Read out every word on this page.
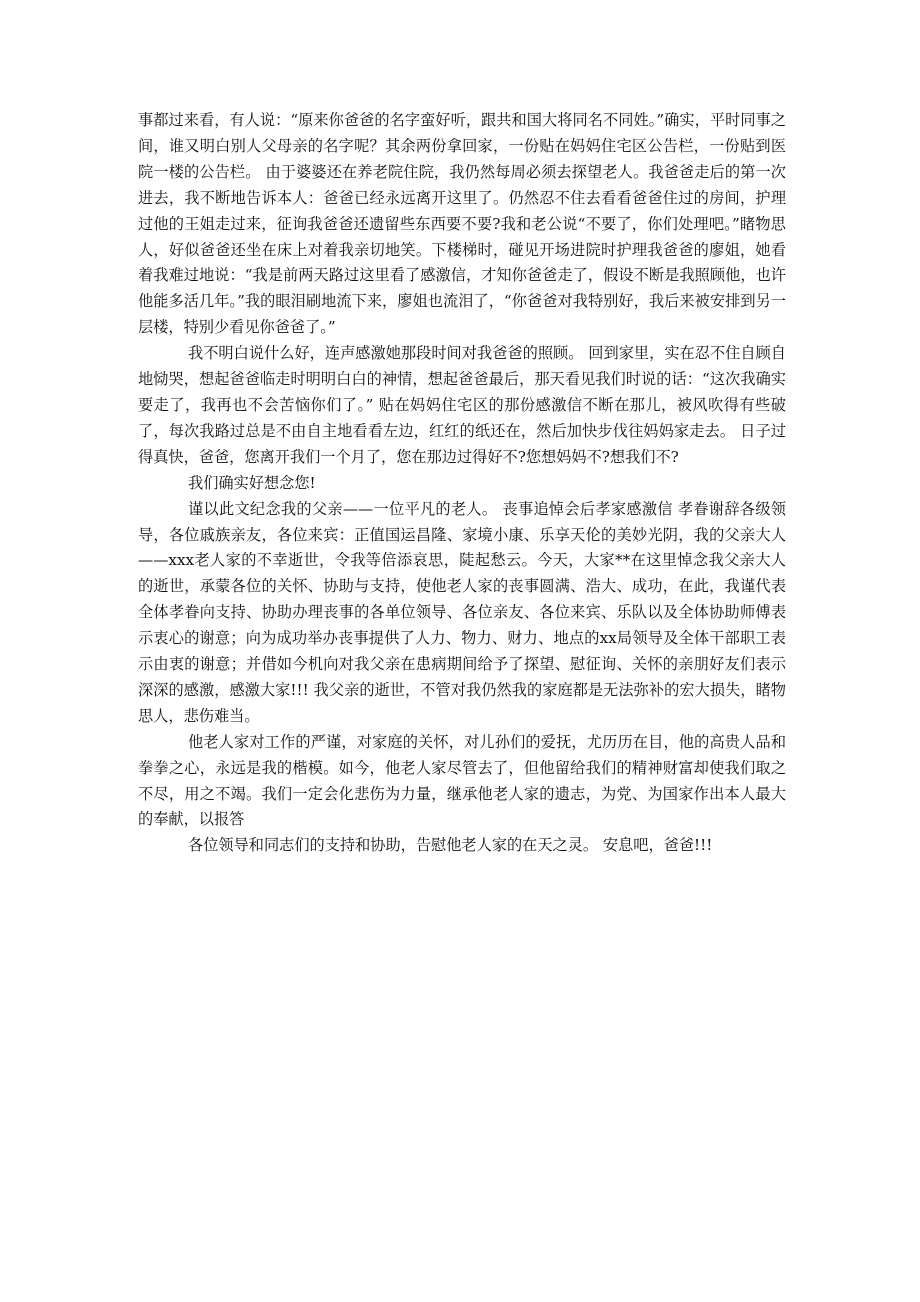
事都过来看，有人说：“原来你爸爸的名字蛮好听，跟共和国大将同名不同姓。”确实，平时同事之间，谁又明白别人父母亲的名字呢？其余两份拿回家，一份贴在妈妈住宅区公告栏，一份贴到医院一楼的公告栏。 由于婆婆还在养老院住院，我仍然每周必须去探望老人。我爸爸走后的第一次进去，我不断地告诉本人：爸爸已经永远离开这里了。仍然忍不住去看看爸爸住过的房间，护理过他的王姐走过来，征询我爸爸还遗留些东西要不要?我和老公说“不要了，你们处理吧。”睹物思人，好似爸爸还坐在床上对着我亲切地笑。下楼梯时，碰见开场进院时护理我爸爸的廖姐，她看着我难过地说：“我是前两天路过这里看了感激信，才知你爸爸走了，假设不断是我照顾他，也许他能多活几年。”我的眼泪刷地流下来，廖姐也流泪了，“你爸爸对我特别好，我后来被安排到另一层楼，特别少看见你爸爸了。”

我不明白说什么好，连声感激她那段时间对我爸爸的照顾。 回到家里，实在忍不住自顾自地恸哭，想起爸爸临走时明明白白的神情，想起爸爸最后，那天看见我们时说的话：“这次我确实要走了，我再也不会苦恼你们了。” 贴在妈妈住宅区的那份感激信不断在那儿，被风吹得有些破了，每次我路过总是不由自主地看看左边，红红的纸还在，然后加快步伐往妈妈家走去。 日子过得真快，爸爸，您离开我们一个月了，您在那边过得好不?您想妈妈不?想我们不?

我们确实好想念您!

谨以此文纪念我的父亲——一位平凡的老人。 丧事追悼会后孝家感激信 孝眷谢辞各级领导，各位戚族亲友，各位来宾：正值国运昌隆、家境小康、乐享天伦的美妙光阴，我的父亲大人——xxx老人家的不幸逝世，令我等倍添哀思，陡起愁云。今天，大家**在这里悼念我父亲大人的逝世，承蒙各位的关怀、协助与支持，使他老人家的丧事圆满、浩大、成功，在此，我谨代表全体孝眷向支持、协助办理丧事的各单位领导、各位亲友、各位来宾、乐队以及全体协助师傅表示衷心的谢意；向为成功举办丧事提供了人力、物力、财力、地点的xx局领导及全体干部职工表示由衷的谢意；并借如今机向对我父亲在患病期间给予了探望、慰征询、关怀的亲朋好友们表示深深的感激，感激大家!!! 我父亲的逝世，不管对我仍然我的家庭都是无法弥补的宏大损失，睹物思人，悲伤难当。

他老人家对工作的严谨，对家庭的关怀，对儿孙们的爱抚，尤历历在目，他的高贵人品和拳拳之心，永远是我的楷模。如今，他老人家尽管去了，但他留给我们的精神财富却使我们取之不尽，用之不竭。我们一定会化悲伤为力量，继承他老人家的遗志，为党、为国家作出本人最大的奉献，以报答

各位领导和同志们的支持和协助，告慰他老人家的在天之灵。 安息吧，爸爸!!!
